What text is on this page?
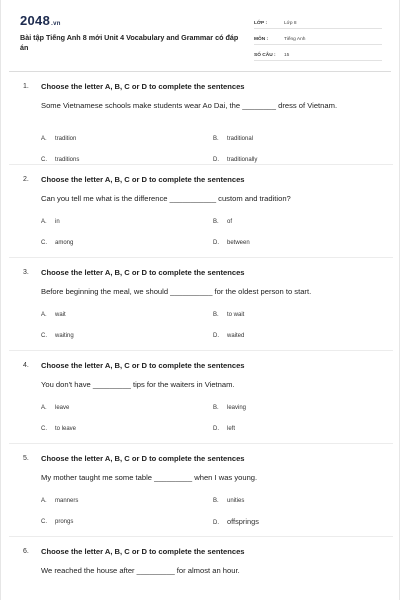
2048.vn
Bài tập Tiếng Anh 8 mới Unit 4 Vocabulary and Grammar có đáp án
LỚP :	Lớp 8
MÔN :	Tiếng Anh
SỐ CÂU :	15
1. Choose the letter A, B, C or D to complete the sentences
Some Vietnamese schools make students wear Ao Dai, the ________ dress of Vietnam.
A. tradition	B. traditional
C. traditions	D. traditionally
2. Choose the letter A, B, C or D to complete the sentences
Can you tell me what is the difference ___________ custom and tradition?
A. in	B. of
C. among	D. between
3. Choose the letter A, B, C or D to complete the sentences
Before beginning the meal, we should __________ for the oldest person to start.
A. wait	B. to wait
C. waiting	D. waited
4. Choose the letter A, B, C or D to complete the sentences
You don't have _________ tips for the waiters in Vietnam.
A. leave	B. leaving
C. to leave	D. left
5. Choose the letter A, B, C or D to complete the sentences
My mother taught me some table _________ when I was young.
A. manners	B. unities
C. prongs	D. offsprings
6. Choose the letter A, B, C or D to complete the sentences
We reached the house after _________ for almost an hour.
